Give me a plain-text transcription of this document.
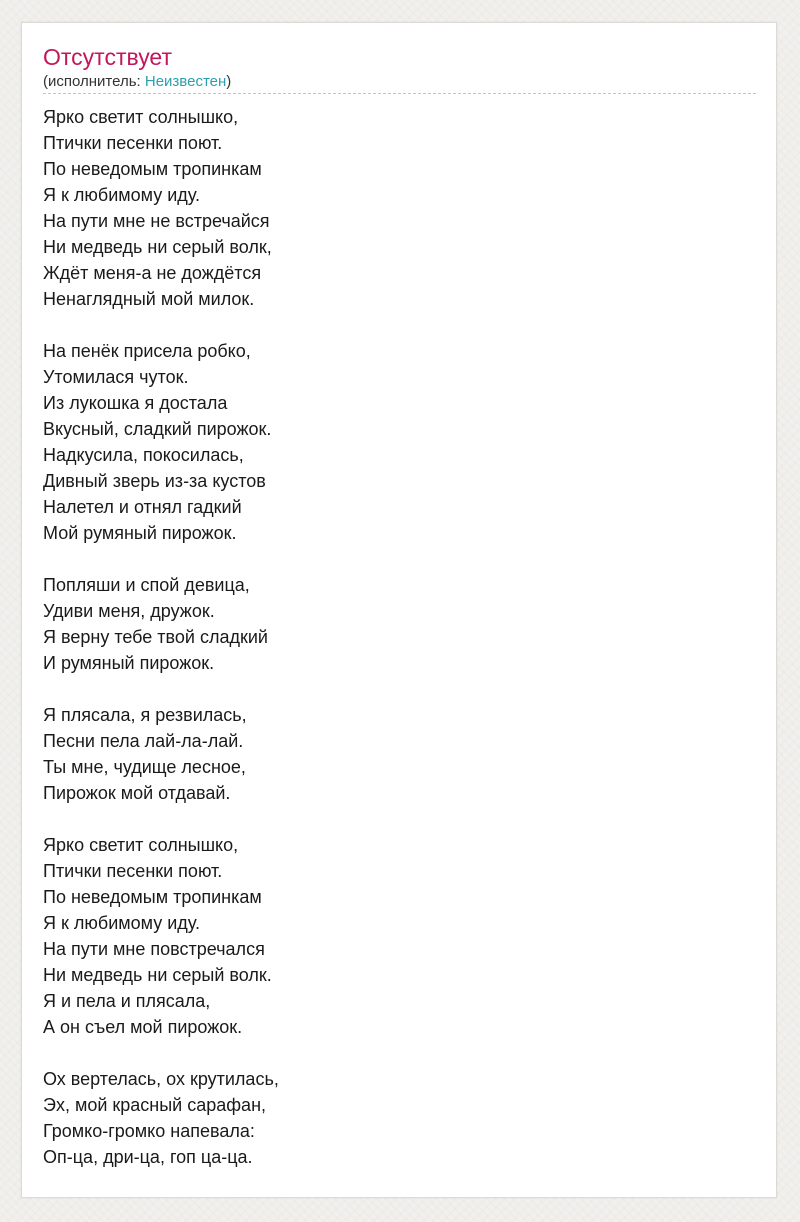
Отсутствует
(исполнитель: Неизвестен)
Ярко светит солнышко,
Птички песенки поют.
По неведомым тропинкам
Я к любимому иду.
На пути мне не встречайся
Ни медведь ни серый волк,
Ждёт меня-а не дождётся
Ненаглядный мой милок.
На пенёк присела робко,
Утомилася чуток.
Из лукошка я достала
Вкусный, сладкий пирожок.
Надкусила, покосилась,
Дивный зверь из-за кустов
Налетел и отнял гадкий
Мой румяный пирожок.
Попляши и спой девица,
Удиви меня, дружок.
Я верну тебе твой сладкий
И румяный пирожок.
Я плясала, я резвилась,
Песни пела лай-ла-лай.
Ты мне, чудище лесное,
Пирожок мой отдавай.
Ярко светит солнышко,
Птички песенки поют.
По неведомым тропинкам
Я к любимому иду.
На пути мне повстречался
Ни медведь ни серый волк.
Я и пела и плясала,
А он съел мой пирожок.
Ох вертелась, ох крутилась,
Эх, мой красный сарафан,
Громко-громко напевала:
Оп-ца, дри-ца, гоп ца-ца.
